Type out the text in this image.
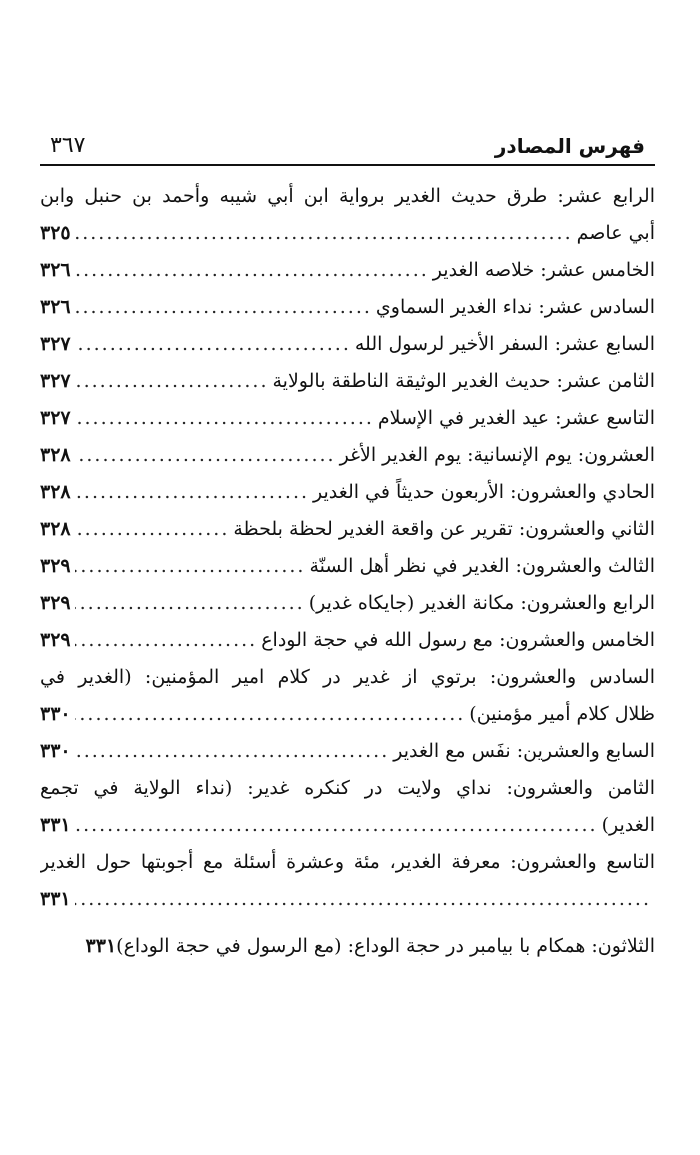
٣٦٧	فهرس المصادر
الرابع عشر: طرق حديث الغدير برواية ابن أبي شيبه وأحمد بن حنبل وابن
أبي عاصم
.....
٣٢٥
الخامس عشر: خلاصه الغدير
.....
٣٢٦
السادس عشر: نداء الغدير السماوي
.....
٣٢٦
السابع عشر: السفر الأخير لرسول الله
.....
٣٢٧
الثامن عشر: حديث الغدير الوثيقة الناطقة بالولاية
.....
٣٢٧
التاسع عشر: عيد الغدير في الإسلام
.....
٣٢٧
العشرون: يوم الإنسانية: يوم الغدير الأغر
.....
٣٢٨
الحادي والعشرون: الأربعون حديثاً في الغدير
.....
٣٢٨
الثاني والعشرون: تقرير عن واقعة الغدير لحظة بلحظة
.....
٣٢٨
الثالث والعشرون: الغدير في نظر أهل السنّة
.....
٣٢٩
الرابع والعشرون: مكانة الغدير (جايكاه غدير)
.....
٣٢٩
الخامس والعشرون: مع رسول الله في حجة الوداع
.....
٣٢٩
السادس والعشرون: برتوي از غدير در كلام امير المؤمنين: (الغدير في
ظلال كلام أمير مؤمنين)
.....
٣٣٠
السابع والعشرين: نفَس مع الغدير
.....
٣٣٠
الثامن والعشرون: نداي ولايت در كنكره غدير: (نداء الولاية في تجمع
الغدير)
.....
٣٣١
التاسع والعشرون: معرفة الغدير، مئة وعشرة أسئلة مع أجوبتها حول الغدير
.....
٣٣١
الثلاثون: همكام با بيامبر در حجة الوداع: (مع الرسول في حجة الوداع)
٣٣١
